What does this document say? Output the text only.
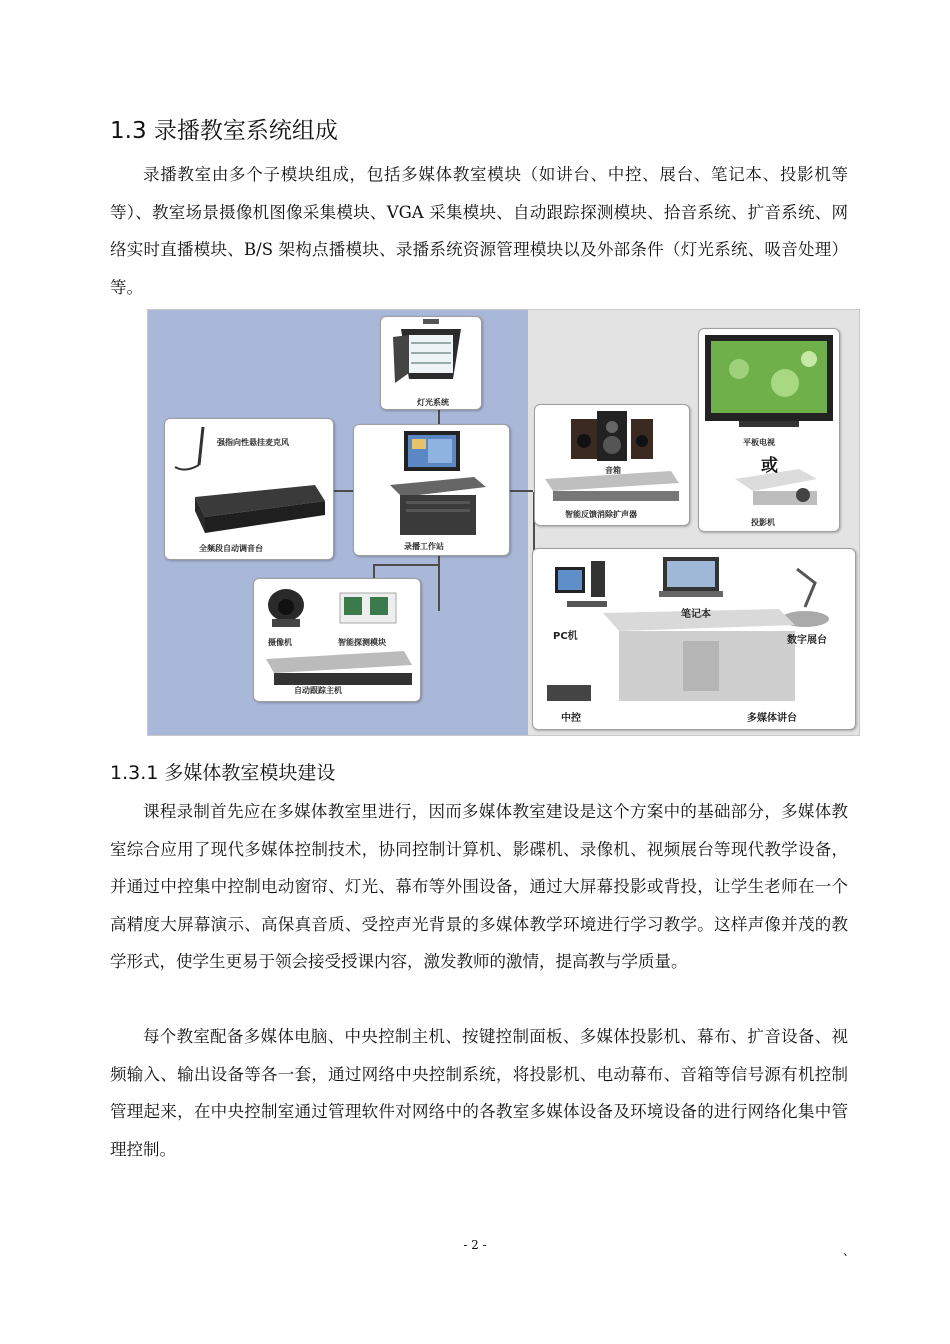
1.3 录播教室系统组成

录播教室由多个子模块组成，包括多媒体教室模块（如讲台、中控、展台、笔记本、投影机等等）、教室场景摄像机图像采集模块、VGA 采集模块、自动跟踪探测模块、拾音系统、扩音系统、网络实时直播模块、B/S 架构点播模块、录播系统资源管理模块以及外部条件（灯光系统、吸音处理）等。

灯光系统
强指向性悬挂麦克风
全频段自动调音台	录播工作站
摄像机	智能探测模块
自动跟踪主机
音箱
智能反馈消除扩声器
平板电视
或
投影机
PC机
笔记本
数字展台
中控	多媒体讲台
1.3.1 多媒体教室模块建设

课程录制首先应在多媒体教室里进行，因而多媒体教室建设是这个方案中的基础部分，多媒体教室综合应用了现代多媒体控制技术，协同控制计算机、影碟机、录像机、视频展台等现代教学设备，并通过中控集中控制电动窗帘、灯光、幕布等外围设备，通过大屏幕投影或背投，让学生老师在一个高精度大屏幕演示、高保真音质、受控声光背景的多媒体教学环境进行学习教学。这样声像并茂的教学形式，使学生更易于领会接受授课内容，激发教师的激情，提高教与学质量。

每个教室配备多媒体电脑、中央控制主机、按键控制面板、多媒体投影机、幕布、扩音设备、视频输入、输出设备等各一套，通过网络中央控制系统，将投影机、电动幕布、音箱等信号源有机控制管理起来，在中央控制室通过管理软件对网络中的各教室多媒体设备及环境设备的进行网络化集中管理控制。

- 2 -	、
